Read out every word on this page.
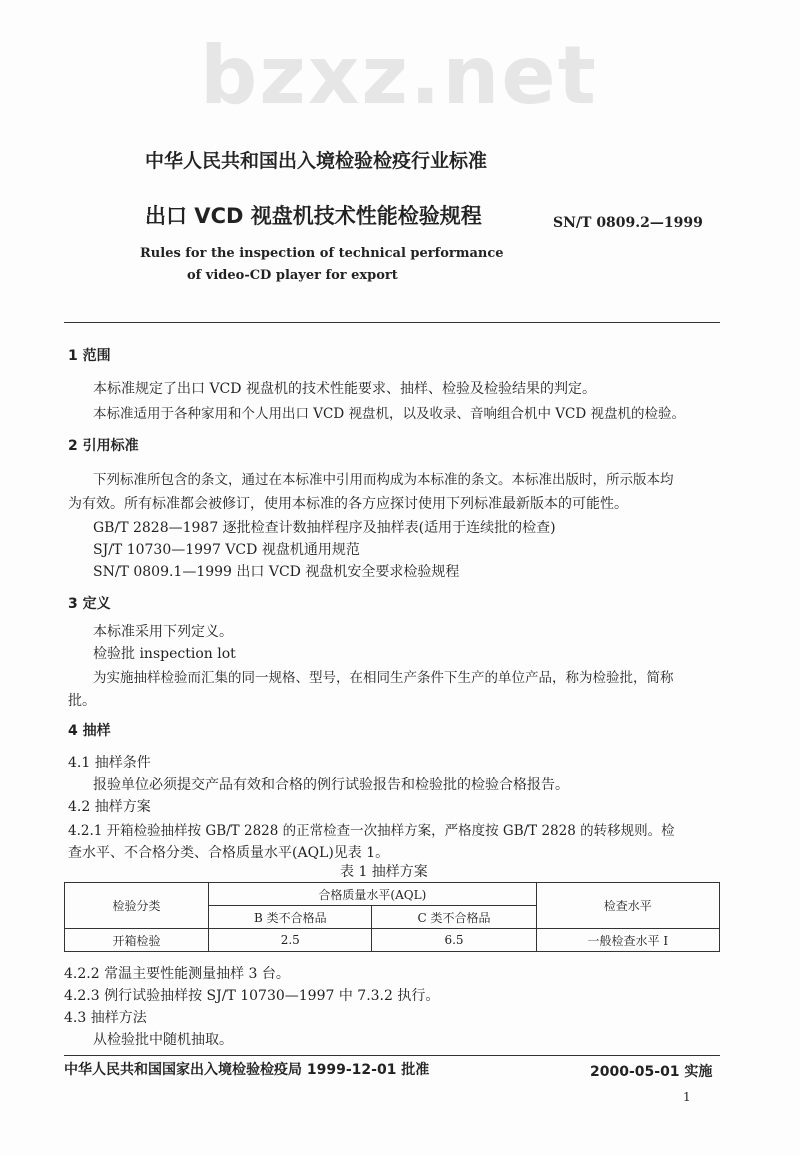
bzxz.net
中华人民共和国出入境检验检疫行业标准
出口 VCD 视盘机技术性能检验规程	SN/T 0809.2—1999
Rules for the inspection of technical performance
of video-CD player for export
1 范围
本标准规定了出口 VCD 视盘机的技术性能要求、抽样、检验及检验结果的判定。
本标准适用于各种家用和个人用出口 VCD 视盘机，以及收录、音响组合机中 VCD 视盘机的检验。
2 引用标准
下列标准所包含的条文，通过在本标准中引用而构成为本标准的条文。本标准出版时，所示版本均
为有效。所有标准都会被修订，使用本标准的各方应探讨使用下列标准最新版本的可能性。
GB/T 2828—1987 逐批检查计数抽样程序及抽样表(适用于连续批的检查)
SJ/T 10730—1997 VCD 视盘机通用规范
SN/T 0809.1—1999 出口 VCD 视盘机安全要求检验规程
3 定义
本标准采用下列定义。
检验批 inspection lot
为实施抽样检验而汇集的同一规格、型号，在相同生产条件下生产的单位产品，称为检验批，简称
批。
4 抽样
4.1 抽样条件
报验单位必须提交产品有效和合格的例行试验报告和检验批的检验合格报告。
4.2 抽样方案
4.2.1 开箱检验抽样按 GB/T 2828 的正常检查一次抽样方案，严格度按 GB/T 2828 的转移规则。检
查水平、不合格分类、合格质量水平(AQL)见表 1。
表 1 抽样方案
检验分类	合格质量水平(AQL)		检查水平
	B 类不合格品	C 类不合格品	
开箱检验	2.5	6.5	一般检查水平 I
4.2.2 常温主要性能测量抽样 3 台。
4.2.3 例行试验抽样按 SJ/T 10730—1997 中 7.3.2 执行。
4.3 抽样方法
从检验批中随机抽取。
中华人民共和国国家出入境检验检疫局 1999-12-01 批准	2000-05-01 实施
1
